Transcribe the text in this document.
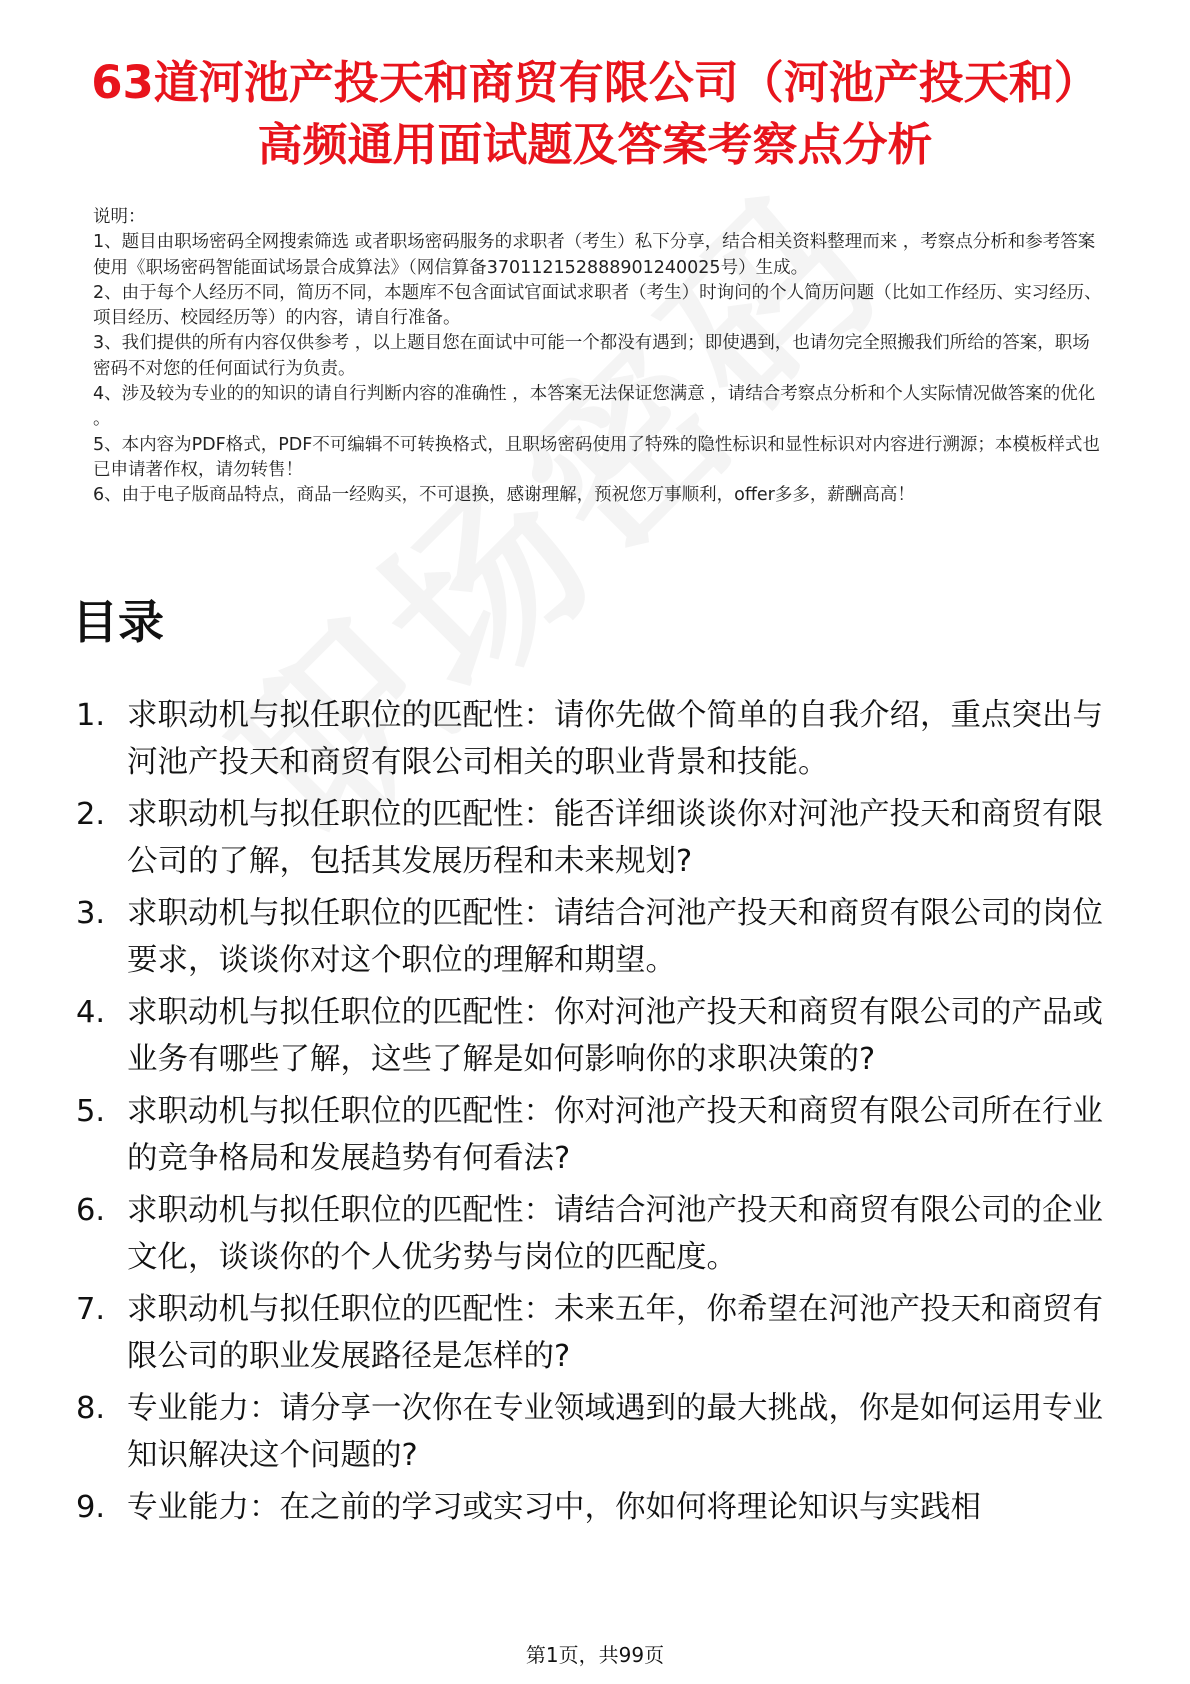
63道河池产投天和商贸有限公司（河池产投天和）高频通用面试题及答案考察点分析
说明：
1、题目由职场密码全网搜索筛选 或者职场密码服务的求职者（考生）私下分享，结合相关资料整理而来 ，考察点分析和参考答案使用《职场密码智能面试场景合成算法》（网信算备370112152888901240025号）生成。
2、由于每个人经历不同，简历不同，本题库不包含面试官面试求职者（考生）时询问的个人简历问题（比如工作经历、实习经历、项目经历、校园经历等）的内容，请自行准备。
3、我们提供的所有内容仅供参考 ，以上题目您在面试中可能一个都没有遇到；即使遇到，也请勿完全照搬我们所给的答案，职场密码不对您的任何面试行为负责。
4、涉及较为专业的的知识的请自行判断内容的准确性 ，本答案无法保证您满意 ，请结合考察点分析和个人实际情况做答案的优化 。
5、本内容为PDF格式，PDF不可编辑不可转换格式，且职场密码使用了特殊的隐性标识和显性标识对内容进行溯源；本模板样式也已申请著作权，请勿转售！
6、由于电子版商品特点，商品一经购买，不可退换，感谢理解，预祝您万事顺利，offer多多，薪酬高高！
目录
1. 求职动机与拟任职位的匹配性：请你先做个简单的自我介绍，重点突出与河池产投天和商贸有限公司相关的职业背景和技能。
2. 求职动机与拟任职位的匹配性：能否详细谈谈你对河池产投天和商贸有限公司的了解，包括其发展历程和未来规划?
3. 求职动机与拟任职位的匹配性：请结合河池产投天和商贸有限公司的岗位要求，谈谈你对这个职位的理解和期望。
4. 求职动机与拟任职位的匹配性：你对河池产投天和商贸有限公司的产品或业务有哪些了解，这些了解是如何影响你的求职决策的?
5. 求职动机与拟任职位的匹配性：你对河池产投天和商贸有限公司所在行业的竞争格局和发展趋势有何看法?
6. 求职动机与拟任职位的匹配性：请结合河池产投天和商贸有限公司的企业文化，谈谈你的个人优劣势与岗位的匹配度。
7. 求职动机与拟任职位的匹配性：未来五年，你希望在河池产投天和商贸有限公司的职业发展路径是怎样的?
8. 专业能力：请分享一次你在专业领域遇到的最大挑战，你是如何运用专业知识解决这个问题的?
9. 专业能力：在之前的学习或实习中，你如何将理论知识与实践相
第1页，共99页
